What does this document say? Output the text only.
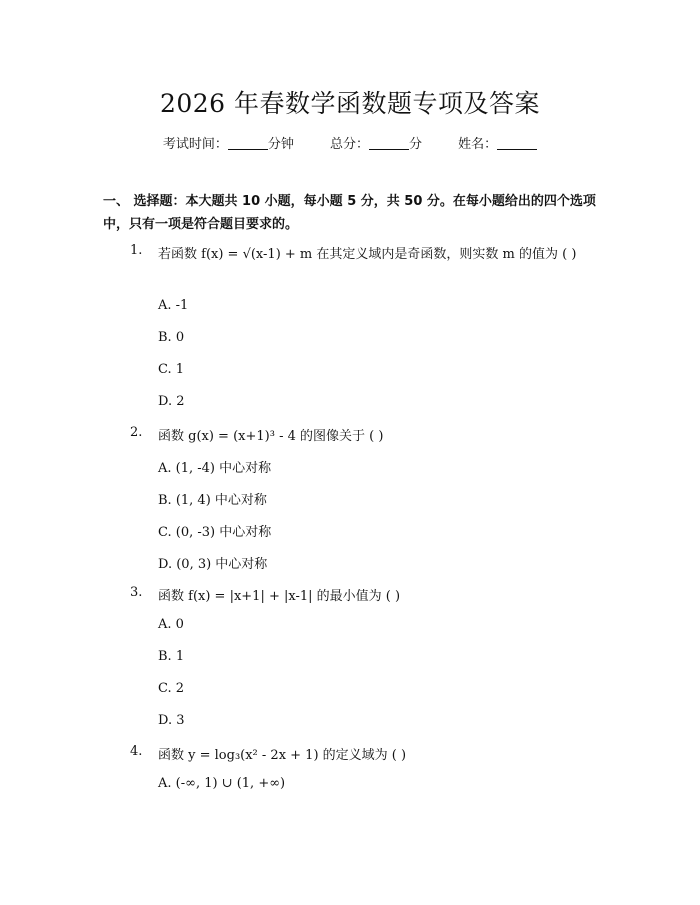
2026 年春数学函数题专项及答案
考试时间：	分钟	总分：	分	姓名：
一、 选择题：本大题共 10 小题，每小题 5 分，共 50 分。在每小题给出的四个选项中，只有一项是符合题目要求的。
1.	若函数 f(x) = √(x-1) + m 在其定义域内是奇函数，则实数 m 的值为 ( )
A. -1
B. 0
C. 1
D. 2
2. 函数 g(x) = (x+1)³ - 4 的图像关于 ( )
A. (1, -4) 中心对称
B. (1, 4) 中心对称
C. (0, -3) 中心对称
D. (0, 3) 中心对称
3. 函数 f(x) = |x+1| + |x-1| 的最小值为 ( )
A. 0
B. 1
C. 2
D. 3
4. 函数 y = log₃(x² - 2x + 1) 的定义域为 ( )
A. (-∞, 1) ∪ (1, +∞)
